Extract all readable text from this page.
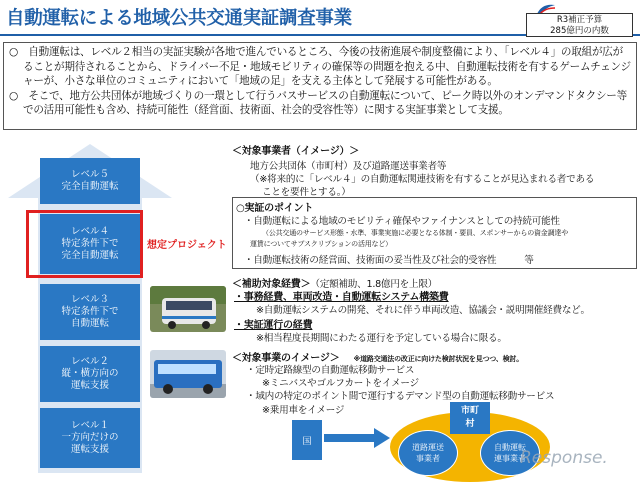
自動運転による地域公共交通実証調査事業	R3補正予算
285億円の内数

○　自動運転は、レベル２相当の実証実験が各地で進んでいるところ、今後の技術進展や制度整備により、「レベル４」の取組が広がることが期待されることから、ドライバー不足・地域モビリティの確保等の問題を抱える中、自動運転技術を有するゲームチェンジャーが、小さな単位のコミュニティにおいて「地域の足」を支える主体として発展する可能性がある。

○　そこで、地方公共団体が地域づくりの一環として行うバスサービスの自動運転について、ピーク時以外のオンデマンドタクシー等での活用可能性も含め、持続可能性（経営面、技術面、社会的受容性等）に関する実証事業として支援。

レベル５
完全自動運転
レベル４
特定条件下で
完全自動運転
レベル３
特定条件下で
自動運転
レベル２
縦・横方向の
運転支援
レベル１
一方向だけの
運転支援
想定プロジェクト
＜対象事業者（イメージ）＞
地方公共団体（市町村）及び道路運送事業者等
（※将来的に「レベル４」の自動運転関連技術を有することが見込まれる者である
ことを要件とする。）
○実証のポイント
・自動運転による地域のモビリティ確保やファイナンスとしての持続可能性
（公共交通のサービス形態・水準、事業実施に必要となる体制・要員、スポンサーからの資金調達や
運賃についてサブスクリプションの活用など）
・自動運転技術の経営面、技術面の妥当性及び社会的受容性　　　等
＜補助対象経費＞（定額補助、1.8億円を上限）
・事務経費、車両改造・自動運転システム構築費
※自動運転システムの開発、それに伴う車両改造、協議会・説明開催経費など。
・実証運行の経費
※相当程度長期間にわたる運行を予定している場合に限る。
＜対象事業のイメージ＞ ※道路交通法の改正に向けた検討状況を見つつ、検討。
・定時定路線型の自動運転移動サービス
※ミニバスやゴルフカートをイメージ
・域内の特定のポイント間で運行するデマンド型の自動運転移動サービス
※乗用車をイメージ
国
市町
村
道路運送
事業者
自動運転
連事業者
Response.
